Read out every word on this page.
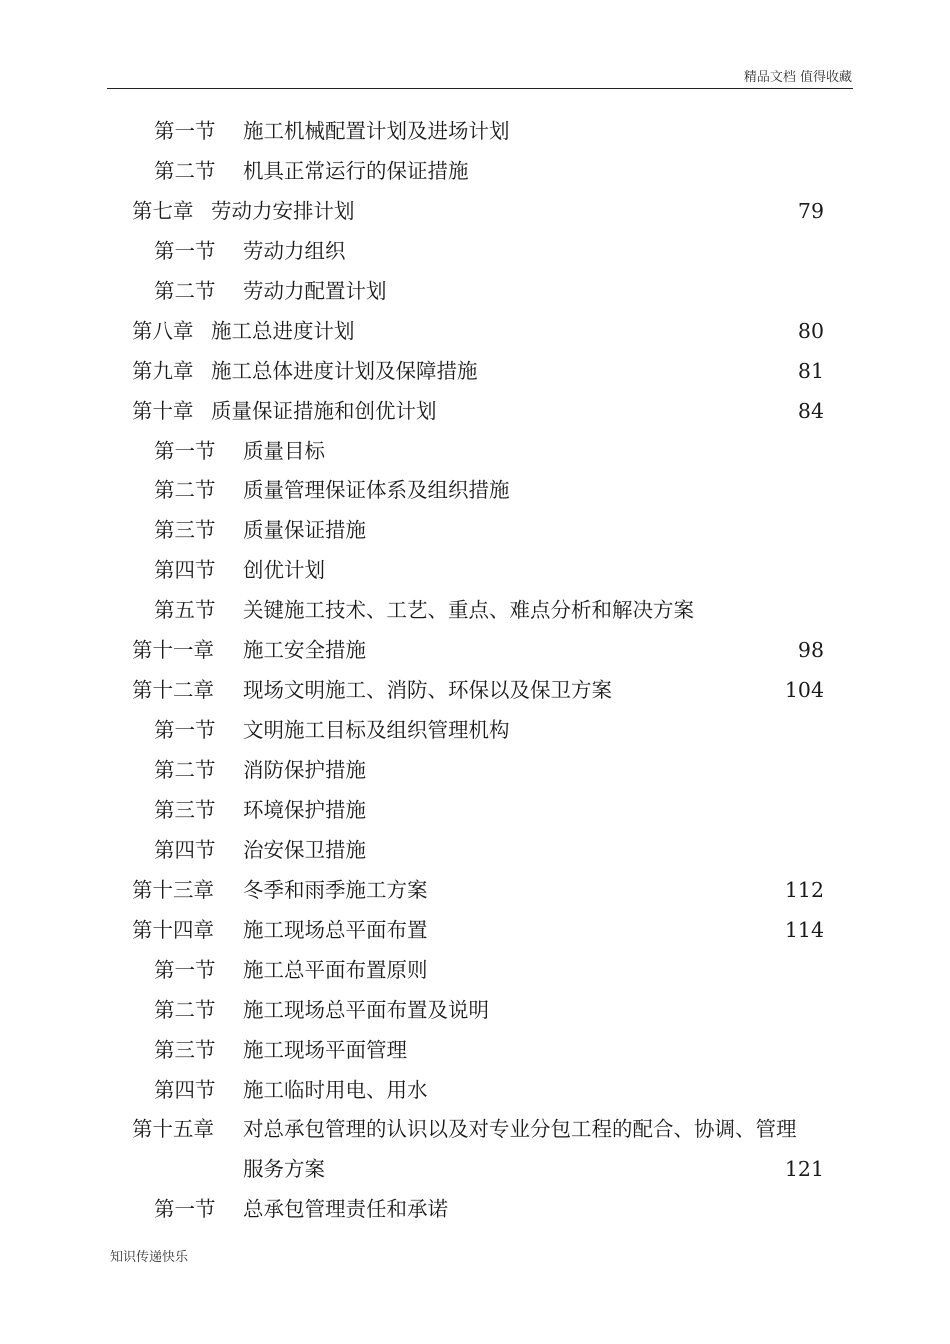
精品文档 值得收藏
第一节 施工机械配置计划及进场计划
第二节 机具正常运行的保证措施
第七章 劳动力安排计划	79
第一节 劳动力组织
第二节 劳动力配置计划
第八章 施工总进度计划	80
第九章 施工总体进度计划及保障措施	81
第十章 质量保证措施和创优计划	84
第一节 质量目标
第二节 质量管理保证体系及组织措施
第三节 质量保证措施
第四节 创优计划
第五节 关键施工技术、工艺、重点、难点分析和解决方案
第十一章 施工安全措施	98
第十二章 现场文明施工、消防、环保以及保卫方案	104
第一节 文明施工目标及组织管理机构
第二节 消防保护措施
第三节 环境保护措施
第四节 治安保卫措施
第十三章 冬季和雨季施工方案	112
第十四章 施工现场总平面布置	114
第一节 施工总平面布置原则
第二节 施工现场总平面布置及说明
第三节 施工现场平面管理
第四节 施工临时用电、用水
第十五章 对总承包管理的认识以及对专业分包工程的配合、协调、管理
服务方案	121
第一节 总承包管理责任和承诺
知识传递快乐
